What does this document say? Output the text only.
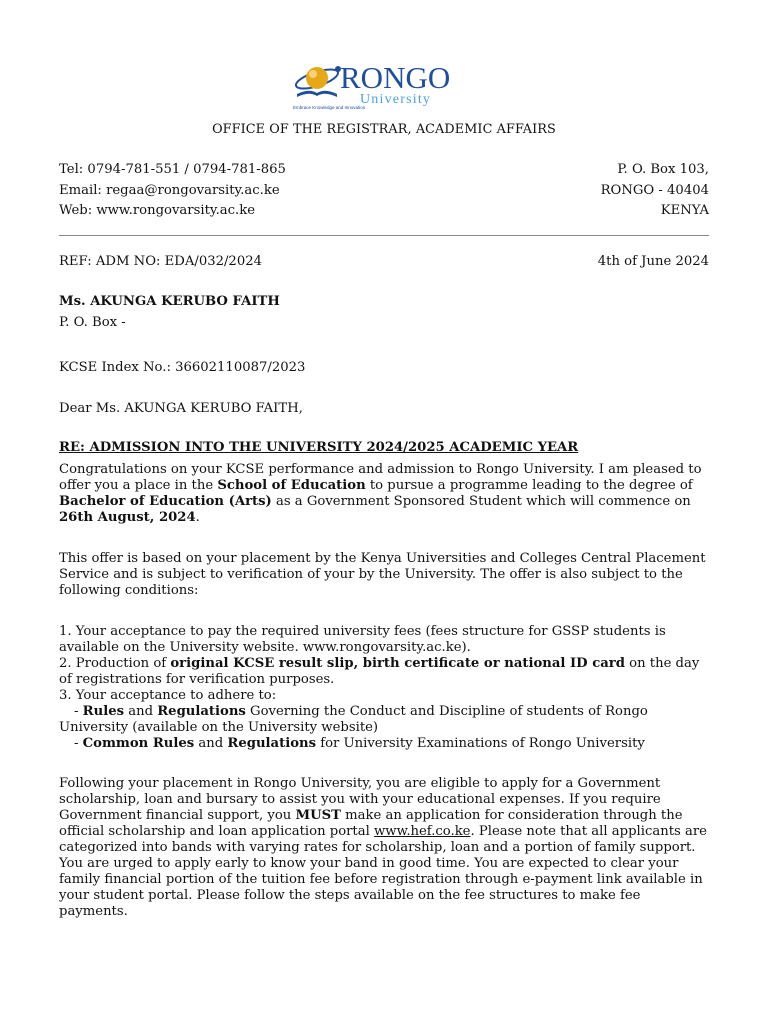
RONGO
University
Embrace Knowledge and Innovation
OFFICE OF THE REGISTRAR, ACADEMIC AFFAIRS
Tel: 0794-781-551 / 0794-781-865	P. O. Box 103,
Email: regaa@rongovarsity.ac.ke	RONGO - 40404
Web: www.rongovarsity.ac.ke	KENYA
REF: ADM NO: EDA/032/2024	4th of June 2024
Ms. AKUNGA KERUBO FAITH
P. O. Box -
KCSE Index No.: 36602110087/2023
Dear Ms. AKUNGA KERUBO FAITH,
RE: ADMISSION INTO THE UNIVERSITY 2024/2025 ACADEMIC YEAR

Congratulations on your KCSE performance and admission to Rongo University. I am pleased to offer you a place in the School of Education to pursue a programme leading to the degree of Bachelor of Education (Arts) as a Government Sponsored Student which will commence on 26th August, 2024.

This offer is based on your placement by the Kenya Universities and Colleges Central Placement Service and is subject to verification of your by the University. The offer is also subject to the following conditions:

1. Your acceptance to pay the required university fees (fees structure for GSSP students is available on the University website. www.rongovarsity.ac.ke).

2. Production of original KCSE result slip, birth certificate or national ID card on the day of registrations for verification purposes.

3. Your acceptance to adhere to:

- Rules and Regulations Governing the Conduct and Discipline of students of Rongo University (available on the University website)

- Common Rules and Regulations for University Examinations of Rongo University

Following your placement in Rongo University, you are eligible to apply for a Government scholarship, loan and bursary to assist you with your educational expenses. If you require Government financial support, you MUST make an application for consideration through the official scholarship and loan application portal www.hef.co.ke. Please note that all applicants are categorized into bands with varying rates for scholarship, loan and a portion of family support. You are urged to apply early to know your band in good time. You are expected to clear your family financial portion of the tuition fee before registration through e-payment link available in your student portal. Please follow the steps available on the fee structures to make fee payments.
